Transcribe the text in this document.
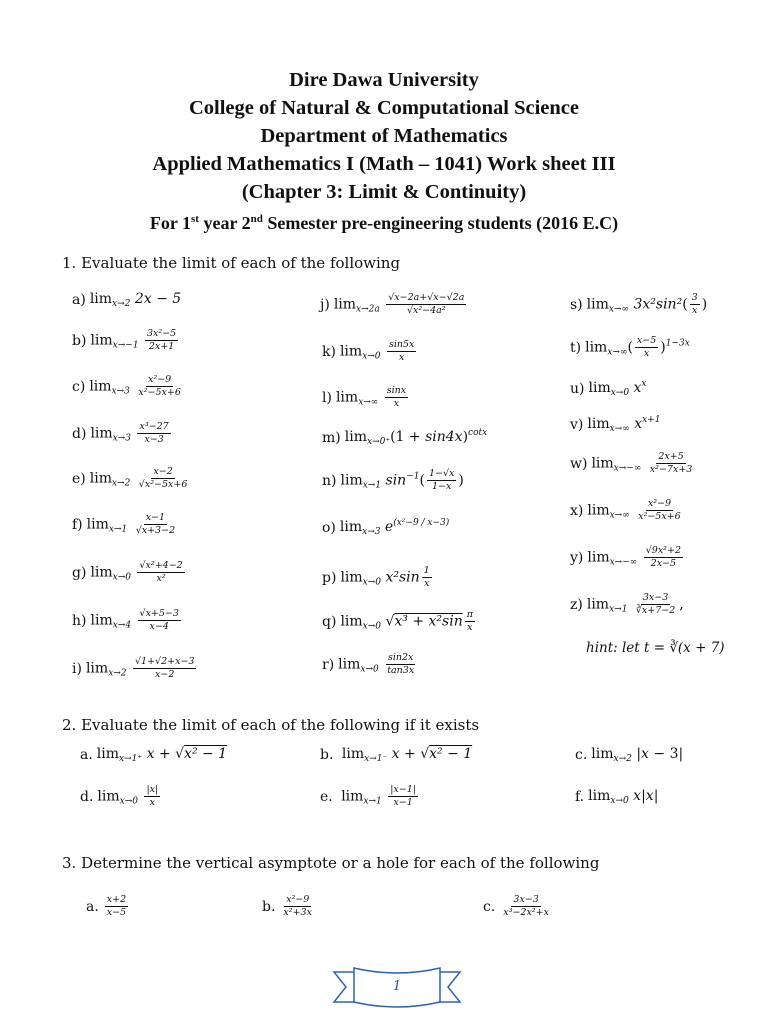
Dire Dawa University
College of Natural & Computational Science
Department of Mathematics
Applied Mathematics I (Math – 1041) Work sheet III
(Chapter 3: Limit & Continuity)
For 1st year 2nd Semester pre-engineering students (2016 E.C)
1. Evaluate the limit of each of the following
a) $\lim_{x\to 2} 2x - 5$
b) $\lim_{x\to-1} \frac{\text{3x²−5}}{2x+1}$
c) $\lim_{x\to 3} \frac{\text{x²−9}}{\text{x²−5x+6}}$
d) $\lim_{x\to 3} \frac{\text{x³−27}}{x-3}$
e) $\lim_{x\to 2} \frac{x-2}{\text{√x²−5x+6}}$
f) $\lim_{x\to 1} \frac{x-1}{√x+3-2}$
g) $\lim_{x\to 0} \frac{\text{√x²+4−2}}{\text{x²}}$
h) $\lim_{x\to 4} \frac{√x+5-3}{x-4}$
i) $\lim_{x\to 2} \frac{√1+√2+x-3}{x-2}$
j) $\lim_{x\to 2a} \frac{√x-2a+√x-√2a}{\text{√x²−4a²}}$
k) $\lim_{x\to 0} \frac{\sin 5x}{x}$
l) $\lim_{x\to\infty} \frac{\sin x}{x}$
m) $\lim_{x\to 0^+}(1 + \sin 4x)^{cotx}$
n) $\lim_{x\to 1} \sin^{-1}( \frac{1-√x}{1-x}$ )
o) $\lim_{x\to 3} e^{(x^2-9 / x-3)}$
p) $\lim_{x\to 0} x^2\sin \frac{1}{x}$
q) $\lim_{x\to 0} √x^3 + x^2\sin \frac{\pi}{x}$
r) $\lim_{x\to 0} \frac{\sin 2x}{\tan 3x}$
s) $\lim_{x\to\infty} 3x^2\sin^2( \frac{3}{x}$ )
t) $\lim_{x\to\infty}( \frac{x-5}{x} )^{1-3x}$
u) $\lim_{x\to 0} x^x$
v) $\lim_{x\to\infty} x^{x+1}$
w) $\lim_{x\to-\infty} \frac{2x+5}{\text{x²−7x+3}}$
x) $\lim_{x\to\infty} \frac{\text{x²−9}}{\text{x²−5x+6}}$
y) $\lim_{x\to-\infty} \frac{\text{√9x²+2}}{2x-5}$
z) $\lim_{x\to 1} \frac{3x-3}{∛x+7-2}$ ,
hint: let t = ∛(x + 7)
2. Evaluate the limit of each of the following if it exists
a. $\lim_{x\to 1^+} x + √x^2 - 1$	b. $\lim_{x\to 1^-} x + √x^2 - 1$	c. $\lim_{x\to 2} |x - 3|$
d. $\lim_{x\to 0} \frac{|x|}{x}$	e. $\lim_{x\to 1} \frac{|x-1|}{x-1}$	f. $\lim_{x\to 0} x|x|$
3. Determine the vertical asymptote or a hole for each of the following
a. $\frac{x+2}{x-5}$	b. $\frac{\text{x²−9}}{\text{x²+3x}}$	c. $\frac{3x-3}{\text{x³−2x²+x}}$
1
